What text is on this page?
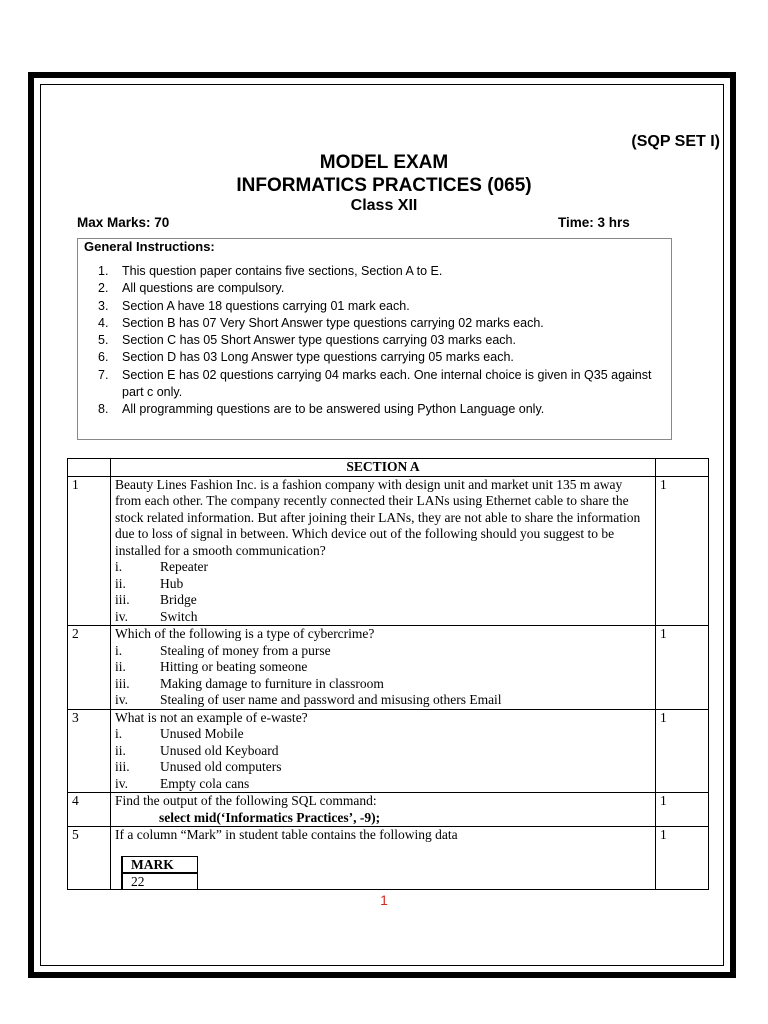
(SQP SET I)
MODEL EXAM
INFORMATICS PRACTICES (065)
Class XII
Max Marks: 70	Time: 3 hrs
General Instructions:
1. This question paper contains five sections, Section A to E.
2. All questions are compulsory.
3. Section A have 18 questions carrying 01 mark each.
4. Section B has 07 Very Short Answer type questions carrying 02 marks each.
5. Section C has 05 Short Answer type questions carrying 03 marks each.
6. Section D has 03 Long Answer type questions carrying 05 marks each.
7. Section E has 02 questions carrying 04 marks each. One internal choice is given in Q35 against part c only.
8. All programming questions are to be answered using Python Language only.
	SECTION A	
1	Beauty Lines Fashion Inc. is a fashion company with design unit and market unit 135 m away from each other. The company recently connected their LANs using Ethernet cable to share the stock related information. But after joining their LANs, they are not able to share the information due to loss of signal in between. Which device out of the following should you suggest to be installed for a smooth communication?
i.	Repeater
ii.	Hub
iii. Bridge
iv. Switch
	1
2	Which of the following is a type of cybercrime?
i.	Stealing of money from a purse
ii.	Hitting or beating someone
iii. Making damage to furniture in classroom
iv. Stealing of user name and password and misusing others Email
	1
3	What is not an example of e-waste?
i.	Unused Mobile
ii.	Unused old Keyboard
iii. Unused old computers
iv. Empty cola cans
	1
4	Find the output of the following SQL command:
select mid(‘Informatics Practices’, -9);
	1
5	If a column “Mark” in student table contains the following data
MARK
22
	1
1
